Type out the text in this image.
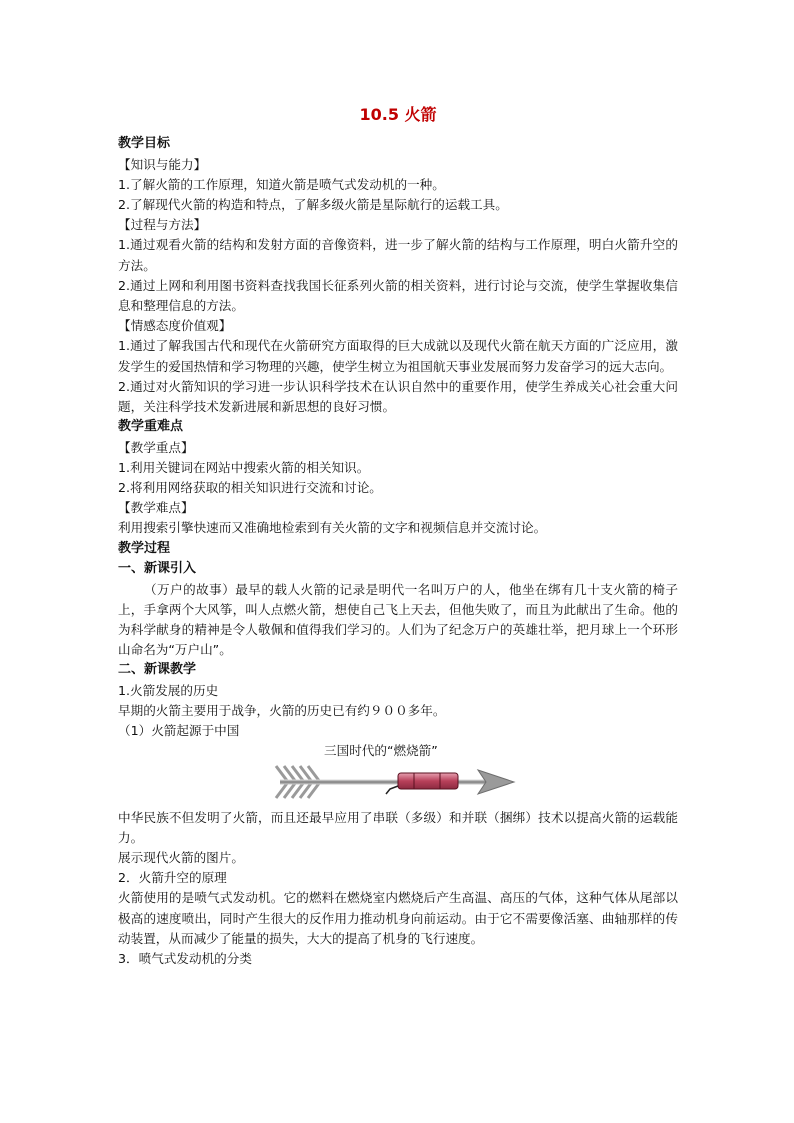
10.5 火箭
教学目标
【知识与能力】
1.了解火箭的工作原理，知道火箭是喷气式发动机的一种。
2.了解现代火箭的构造和特点，了解多级火箭是星际航行的运载工具。
【过程与方法】
1.通过观看火箭的结构和发射方面的音像资料，进一步了解火箭的结构与工作原理，明白火箭升空的方法。
2.通过上网和利用图书资料查找我国长征系列火箭的相关资料，进行讨论与交流，使学生掌握收集信息和整理信息的方法。
【情感态度价值观】
1.通过了解我国古代和现代在火箭研究方面取得的巨大成就以及现代火箭在航天方面的广泛应用，激发学生的爱国热情和学习物理的兴趣，使学生树立为祖国航天事业发展而努力发奋学习的远大志向。
2.通过对火箭知识的学习进一步认识科学技术在认识自然中的重要作用，使学生养成关心社会重大问题，关注科学技术发新进展和新思想的良好习惯。
教学重难点
【教学重点】
1.利用关键词在网站中搜索火箭的相关知识。
2.将利用网络获取的相关知识进行交流和讨论。
【教学难点】
利用搜索引擎快速而又准确地检索到有关火箭的文字和视频信息并交流讨论。
教学过程
一、新课引入
（万户的故事）最早的载人火箭的记录是明代一名叫万户的人，他坐在绑有几十支火箭的椅子上，手拿两个大风筝，叫人点燃火箭，想使自己飞上天去，但他失败了，而且为此献出了生命。他的为科学献身的精神是令人敬佩和值得我们学习的。人们为了纪念万户的英雄壮举，把月球上一个环形山命名为“万户山”。
二、新课教学
1.火箭发展的历史
早期的火箭主要用于战争，火箭的历史已有约９００多年。
（1）火箭起源于中国
三国时代的“燃烧箭”
中华民族不但发明了火箭，而且还最早应用了串联（多级）和并联（捆绑）技术以提高火箭的运载能力。
展示现代火箭的图片。
2．火箭升空的原理
火箭使用的是喷气式发动机。它的燃料在燃烧室内燃烧后产生高温、高压的气体，这种气体从尾部以极高的速度喷出，同时产生很大的反作用力推动机身向前运动。由于它不需要像活塞、曲轴那样的传动装置，从而减少了能量的损失，大大的提高了机身的飞行速度。
3．喷气式发动机的分类
